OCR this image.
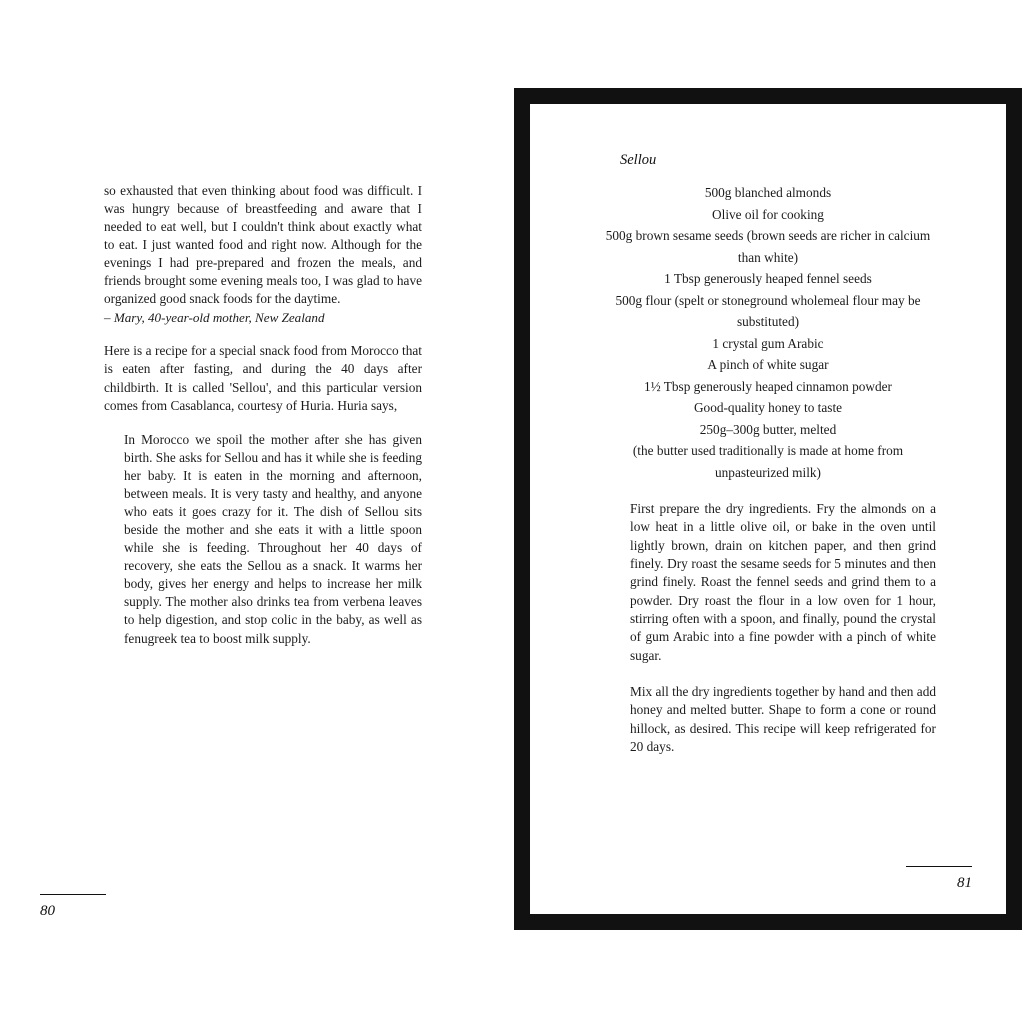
so exhausted that even thinking about food was difficult. I was hungry because of breastfeeding and aware that I needed to eat well, but I couldn't think about exactly what to eat. I just wanted food and right now. Although for the evenings I had pre-prepared and frozen the meals, and friends brought some evening meals too, I was glad to have organized good snack foods for the daytime.
– Mary, 40-year-old mother, New Zealand

Here is a recipe for a special snack food from Morocco that is eaten after fasting, and during the 40 days after childbirth. It is called 'Sellou', and this particular version comes from Casablanca, courtesy of Huria. Huria says,

In Morocco we spoil the mother after she has given birth. She asks for Sellou and has it while she is feeding her baby. It is eaten in the morning and afternoon, between meals. It is very tasty and healthy, and anyone who eats it goes crazy for it. The dish of Sellou sits beside the mother and she eats it with a little spoon while she is feeding. Throughout her 40 days of recovery, she eats the Sellou as a snack. It warms her body, gives her energy and helps to increase her milk supply. The mother also drinks tea from verbena leaves to help digestion, and stop colic in the baby, as well as fenugreek tea to boost milk supply.

80
Sellou
500g blanched almonds
Olive oil for cooking
500g brown sesame seeds (brown seeds are richer in calcium than white)
1 Tbsp generously heaped fennel seeds
500g flour (spelt or stoneground wholemeal flour may be substituted)
1 crystal gum Arabic
A pinch of white sugar
1½ Tbsp generously heaped cinnamon powder
Good-quality honey to taste
250g–300g butter, melted
(the butter used traditionally is made at home from unpasteurized milk)

First prepare the dry ingredients. Fry the almonds on a low heat in a little olive oil, or bake in the oven until lightly brown, drain on kitchen paper, and then grind finely. Dry roast the sesame seeds for 5 minutes and then grind finely. Roast the fennel seeds and grind them to a powder. Dry roast the flour in a low oven for 1 hour, stirring often with a spoon, and finally, pound the crystal of gum Arabic into a fine powder with a pinch of white sugar.

Mix all the dry ingredients together by hand and then add honey and melted butter. Shape to form a cone or round hillock, as desired. This recipe will keep refrigerated for 20 days.

81
